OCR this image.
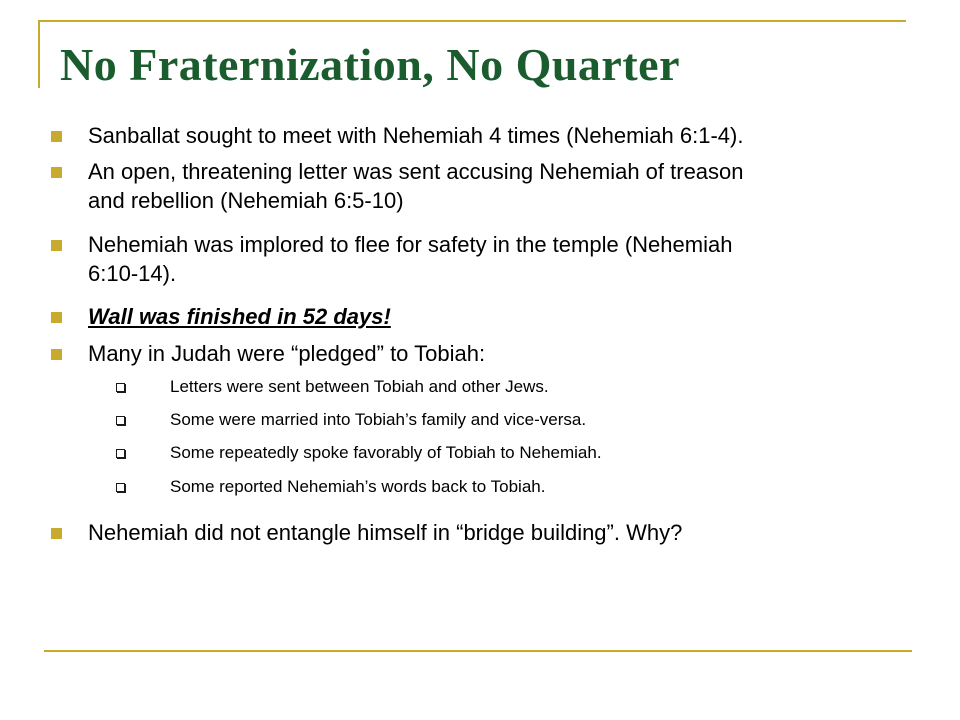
No Fraternization, No Quarter
Sanballat sought to meet with Nehemiah 4 times (Nehemiah 6:1-4).
An open, threatening letter was sent accusing Nehemiah of treason
and rebellion (Nehemiah 6:5-10)
Nehemiah was implored to flee for safety in the temple (Nehemiah
6:10-14).
Wall was finished in 52 days!
Many in Judah were “pledged” to Tobiah:
Letters were sent between Tobiah and other Jews.
Some were married into Tobiah’s family and vice-versa.
Some repeatedly spoke favorably of Tobiah to Nehemiah.
Some reported Nehemiah’s words back to Tobiah.
Nehemiah did not entangle himself in “bridge building”. Why?
